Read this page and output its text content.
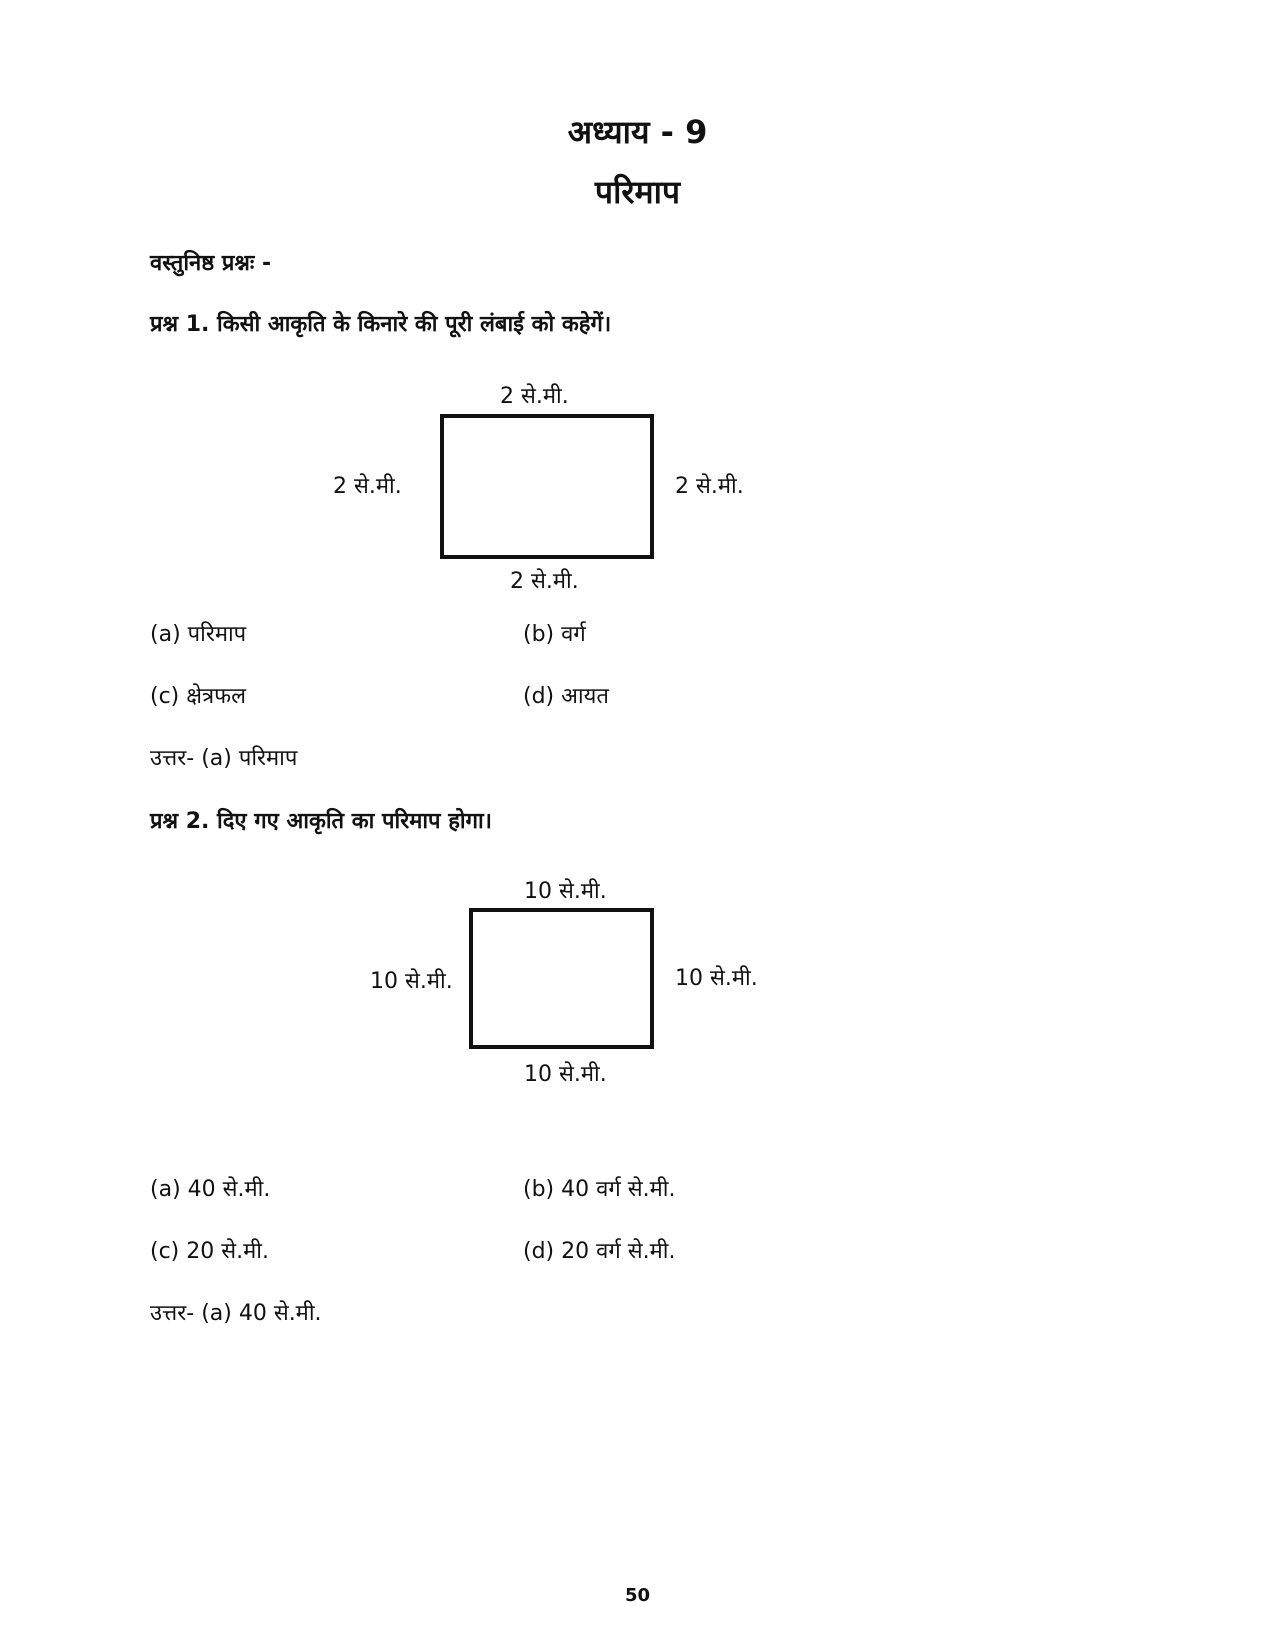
अध्याय - 9
परिमाप
वस्तुनिष्ठ प्रश्नः -
प्रश्न 1. किसी आकृति के किनारे की पूरी लंबाई को कहेगें।
2 से.मी.
2 से.मी.	2 से.मी.
2 से.मी.
(a) परिमाप	(b) वर्ग
(c) क्षेत्रफल	(d) आयत
उत्तर- (a) परिमाप
प्रश्न 2. दिए गए आकृति का परिमाप होगा।
10 से.मी.
10 से.मी.	10 से.मी.
10 से.मी.
(a) 40 से.मी.	(b) 40 वर्ग से.मी.
(c) 20 से.मी.	(d) 20 वर्ग से.मी.
उत्तर- (a) 40 से.मी.
50
